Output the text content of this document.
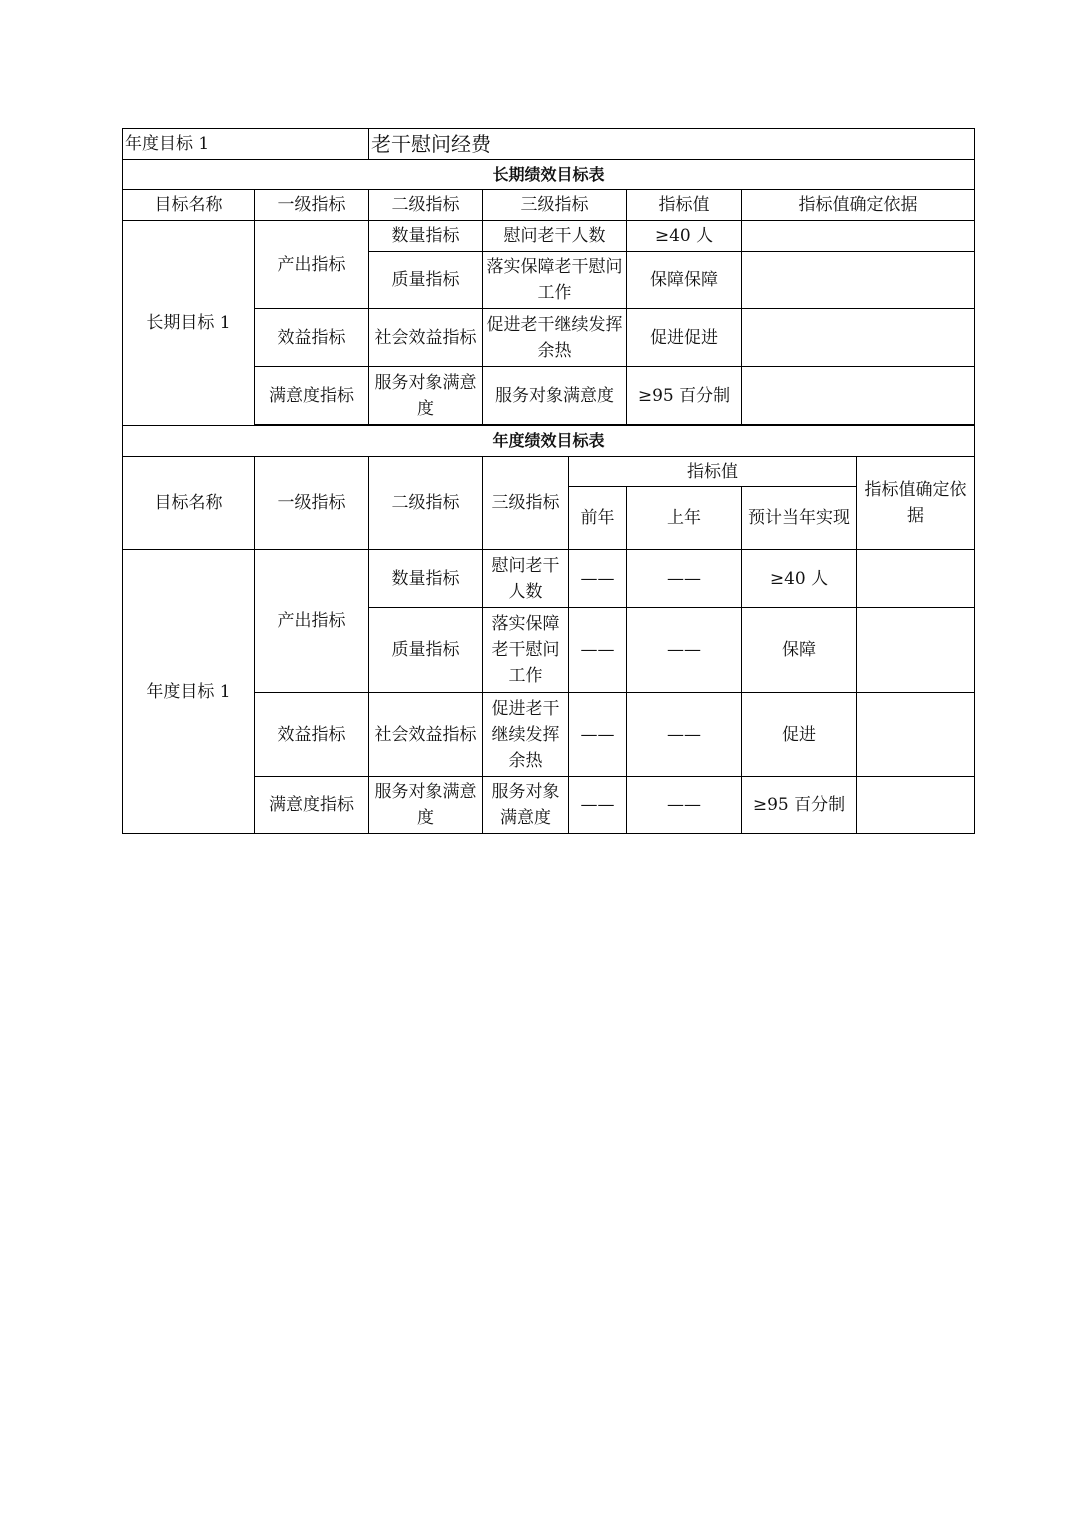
年度目标 1		老干慰问经费					
长期绩效目标表							
目标名称	一级指标	二级指标	三级指标		指标值	指标值确定依据	
长期目标 1	产出指标	数量指标	慰问老干人数		≥40 人		
		质量指标	落实保障老干慰问工作		保障保障		
	效益指标	社会效益指标	促进老干继续发挥余热		促进促进		
	满意度指标	服务对象满意度	服务对象满意度		≥95 百分制		

年度绩效目标表							
目标名称	一级指标	二级指标	三级指标	指标值			指标值确定依据
				前年	上年	预计当年实现	
年度目标 1	产出指标	数量指标	慰问老干人数	——	——	≥40 人	
		质量指标	落实保障老干慰问工作	——	——	保障	
	效益指标	社会效益指标	促进老干继续发挥余热	——	——	促进	
	满意度指标	服务对象满意度	服务对象满意度	——	——	≥95 百分制	
